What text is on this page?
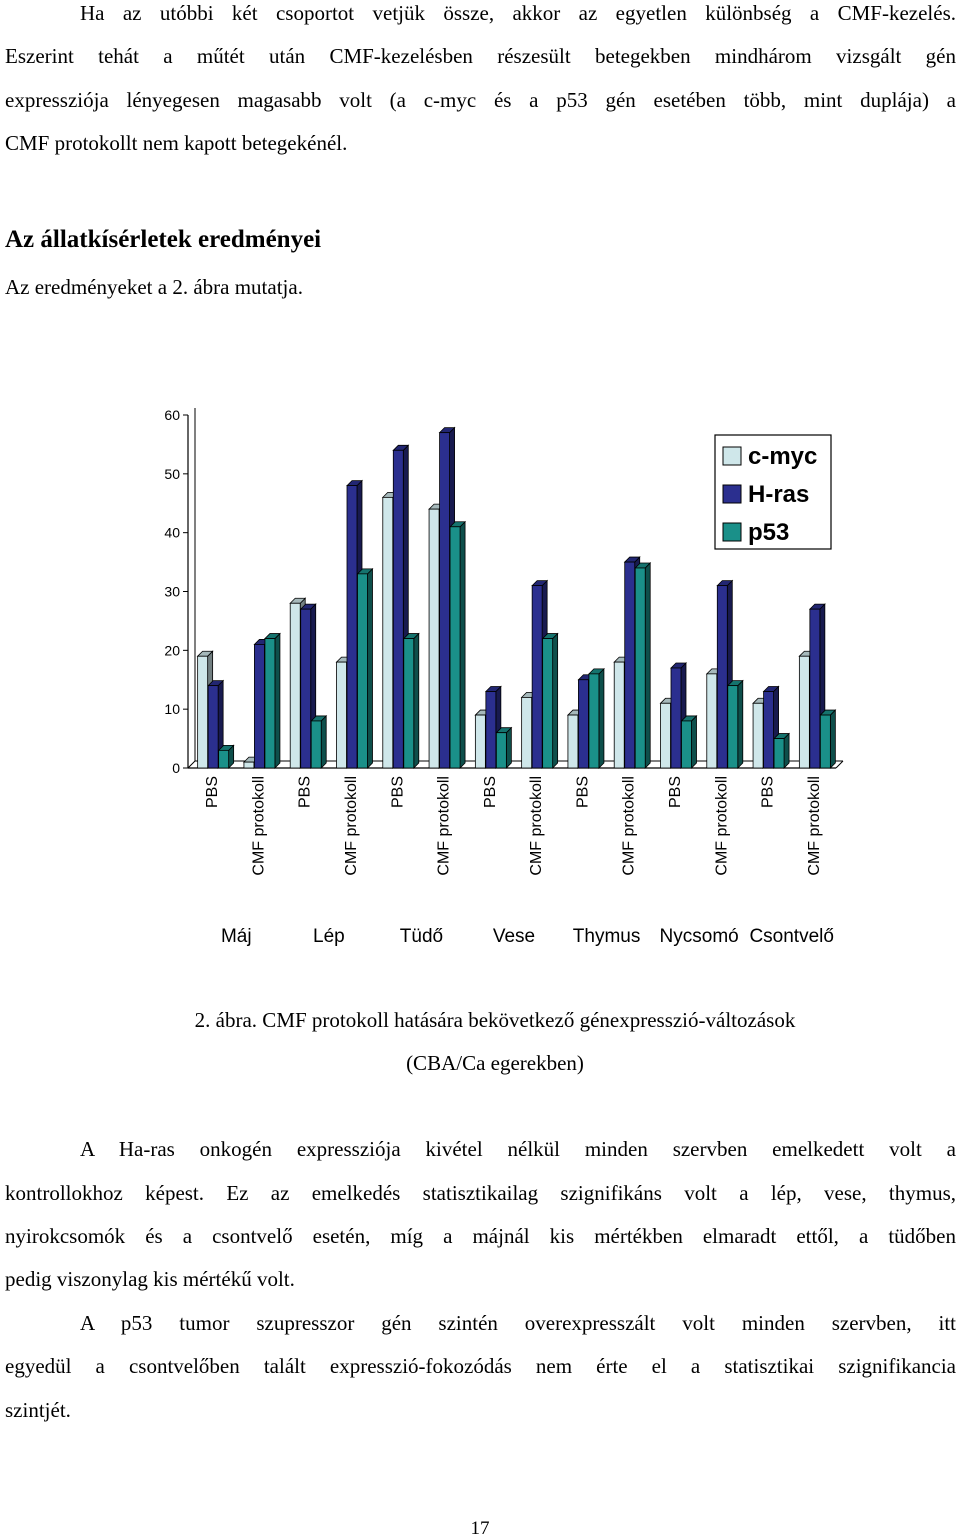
Ha az utóbbi két csoportot vetjük össze, akkor az egyetlen különbség a CMF-kezelés.
Eszerint tehát a műtét után CMF-kezelésben részesült betegekben mindhárom vizsgált gén
expressziója lényegesen magasabb volt (a c-myc és a p53 gén esetében több, mint duplája) a
CMF protokollt nem kapott betegekénél.
Az állatkísérletek eredményei
Az eredményeket a 2. ábra mutatja.
0
10
20
30
40
50
60
PBS CMF protokoll PBS CMF protokoll PBS CMF protokoll PBS CMF protokoll PBS CMF protokoll PBS CMF protokoll PBS CMF protokoll
Máj	Lép	Tüdő	Vese Thymus Nycsomó Csontvelő
c-myc
H-ras
p53
2. ábra. CMF protokoll hatására bekövetkező génexpresszió-változások
(CBA/Ca egerekben)
A Ha-ras onkogén expressziója kivétel nélkül minden szervben emelkedett volt a
kontrollokhoz képest. Ez az emelkedés statisztikailag szignifikáns volt a lép, vese, thymus,
nyirokcsomók és a csontvelő esetén, míg a májnál kis mértékben elmaradt ettől, a tüdőben
pedig viszonylag kis mértékű volt.
A p53 tumor szupresszor gén szintén overexpresszált volt minden szervben, itt
egyedül a csontvelőben talált expresszió-fokozódás nem érte el a statisztikai szignifikancia
szintjét.
17
